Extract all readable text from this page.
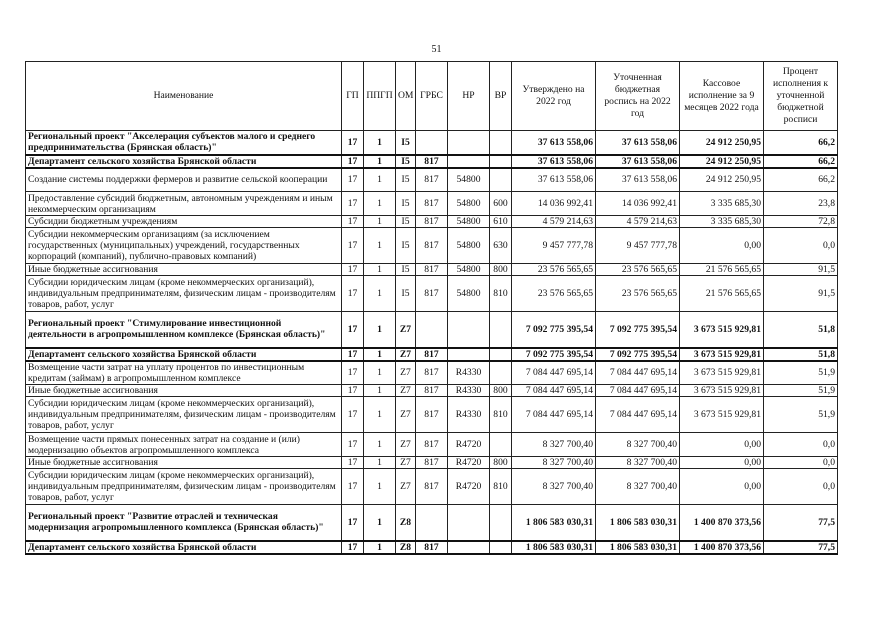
51
Наименование	ГП	ППГП	ОМ	ГРБС	НР	ВР	Утверждено на 2022 год	Уточненная бюджетная роспись на 2022 год	Кассовое исполнение за 9 месяцев 2022 года	Процент исполнения к уточненной бюджетной росписи
Региональный проект "Акселерация субъектов малого и среднего предпринимательства (Брянская область)"	17	1	I5				37 613 558,06	37 613 558,06	24 912 250,95	66,2
Департамент сельского хозяйства Брянской области	17	1	I5	817			37 613 558,06	37 613 558,06	24 912 250,95	66,2
Создание системы поддержки фермеров и развитие сельской кооперации	17	1	I5	817	54800		37 613 558,06	37 613 558,06	24 912 250,95	66,2
Предоставление субсидий бюджетным, автономным учреждениям и иным некоммерческим организациям	17	1	I5	817	54800	600	14 036 992,41	14 036 992,41	3 335 685,30	23,8
Субсидии бюджетным учреждениям	17	1	I5	817	54800	610	4 579 214,63	4 579 214,63	3 335 685,30	72,8
Субсидии некоммерческим организациям (за исключением государственных (муниципальных) учреждений, государственных корпораций (компаний), публично-правовых компаний)	17	1	I5	817	54800	630	9 457 777,78	9 457 777,78	0,00	0,0
Иные бюджетные ассигнования	17	1	I5	817	54800	800	23 576 565,65	23 576 565,65	21 576 565,65	91,5
Субсидии юридическим лицам (кроме некоммерческих организаций), индивидуальным предпринимателям, физическим лицам - производителям товаров, работ, услуг	17	1	I5	817	54800	810	23 576 565,65	23 576 565,65	21 576 565,65	91,5
Региональный проект "Стимулирование инвестиционной деятельности в агропромышленном комплексе (Брянская область)"	17	1	Z7				7 092 775 395,54	7 092 775 395,54	3 673 515 929,81	51,8
Департамент сельского хозяйства Брянской области	17	1	Z7	817			7 092 775 395,54	7 092 775 395,54	3 673 515 929,81	51,8
Возмещение части затрат на уплату процентов по инвестиционным кредитам (займам) в агропромышленном комплексе	17	1	Z7	817	R4330		7 084 447 695,14	7 084 447 695,14	3 673 515 929,81	51,9
Иные бюджетные ассигнования	17	1	Z7	817	R4330	800	7 084 447 695,14	7 084 447 695,14	3 673 515 929,81	51,9
Субсидии юридическим лицам (кроме некоммерческих организаций), индивидуальным предпринимателям, физическим лицам - производителям товаров, работ, услуг	17	1	Z7	817	R4330	810	7 084 447 695,14	7 084 447 695,14	3 673 515 929,81	51,9
Возмещение части прямых понесенных затрат на создание и (или) модернизацию объектов агропромышленного комплекса	17	1	Z7	817	R4720		8 327 700,40	8 327 700,40	0,00	0,0
Иные бюджетные ассигнования	17	1	Z7	817	R4720	800	8 327 700,40	8 327 700,40	0,00	0,0
Субсидии юридическим лицам (кроме некоммерческих организаций), индивидуальным предпринимателям, физическим лицам - производителям товаров, работ, услуг	17	1	Z7	817	R4720	810	8 327 700,40	8 327 700,40	0,00	0,0
Региональный проект "Развитие отраслей и техническая модернизация агропромышленного комплекса (Брянская область)"	17	1	Z8				1 806 583 030,31	1 806 583 030,31	1 400 870 373,56	77,5
Департамент сельского хозяйства Брянской области	17	1	Z8	817			1 806 583 030,31	1 806 583 030,31	1 400 870 373,56	77,5
